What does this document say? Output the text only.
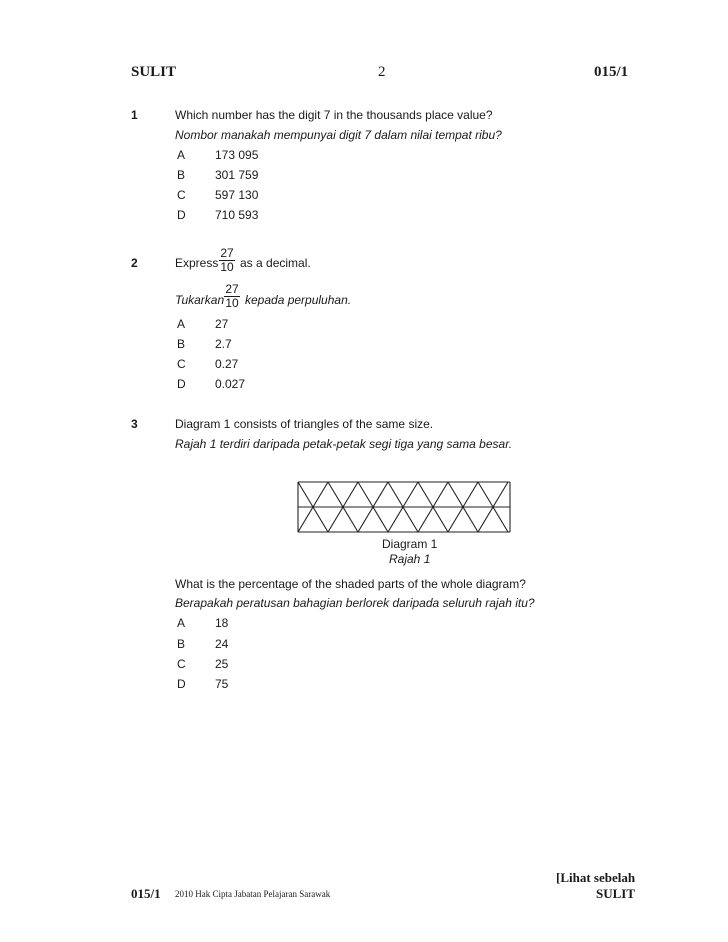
SULIT	2	015/1
1	Which number has the digit 7 in the thousands place value?
Nombor manakah mempunyai digit 7 dalam nilai tempat ribu?
A 173 095
B 301 759
C 597 130
D 710 593
2	Express
27
10 as a decimal.
Tukarkan
27
10 kepada perpuluhan.
A 27
B 2.7
C 0.27
D 0.027
3	Diagram 1 consists of triangles of the same size.
Rajah 1 terdiri daripada petak-petak segi tiga yang sama besar.
Diagram 1
Rajah 1
What is the percentage of the shaded parts of the whole diagram?
Berapakah peratusan bahagian berlorek daripada seluruh rajah itu?
A 18
B 24
C 25
D 75
[Lihat sebelah
015/1 2010 Hak Cipta Jabatan Pelajaran Sarawak	SULIT
